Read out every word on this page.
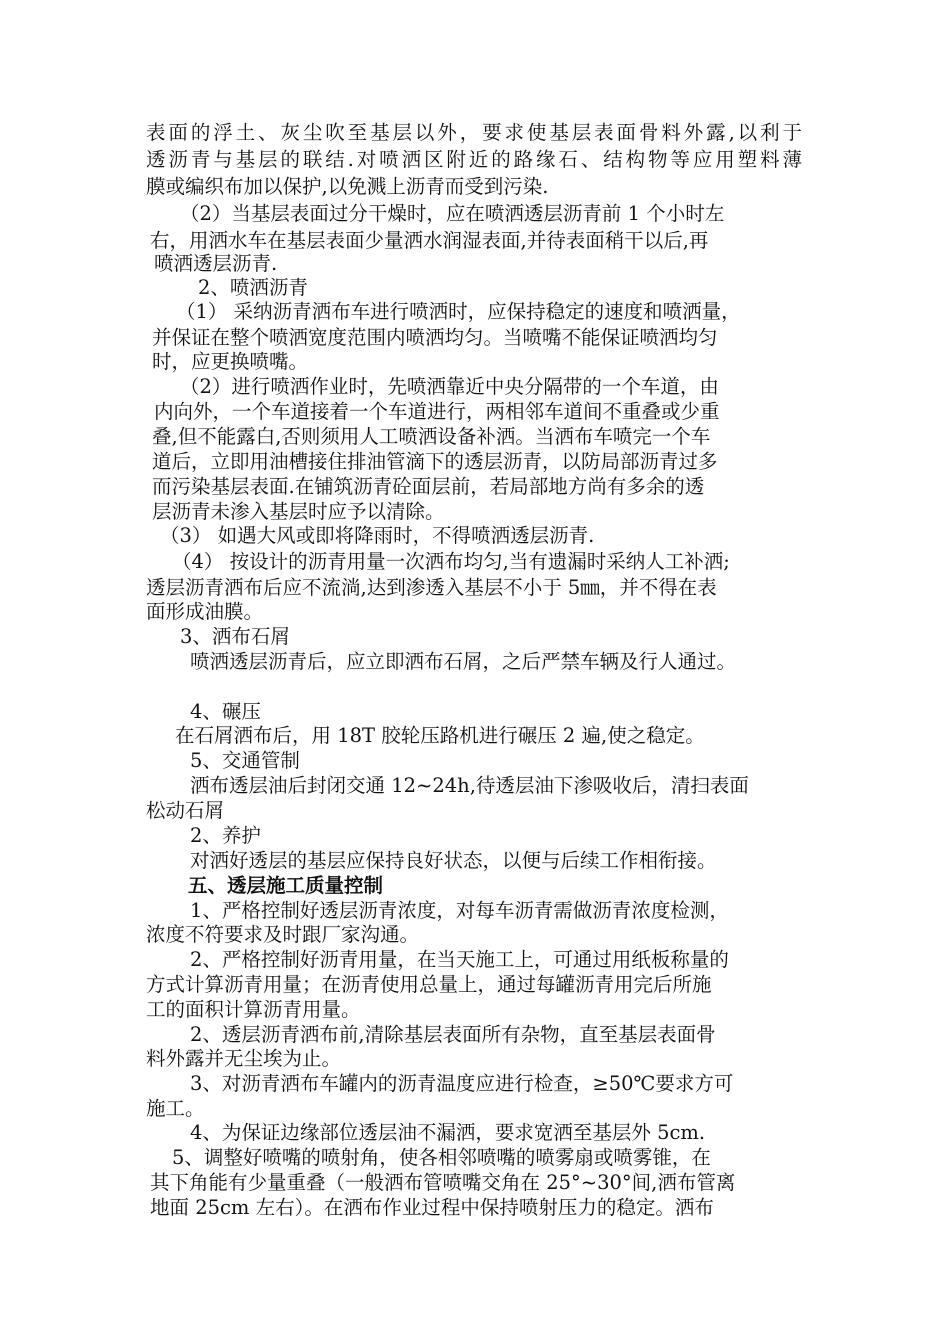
表面的浮土、灰尘吹至基层以外，要求使基层表面骨料外露,以利于
透沥青与基层的联结.对喷洒区附近的路缘石、结构物等应用塑料薄
膜或编织布加以保护,以免溅上沥青而受到污染.
（2）当基层表面过分干燥时，应在喷洒透层沥青前 1 个小时左
右，用洒水车在基层表面少量洒水润湿表面,并待表面稍干以后,再
喷洒透层沥青.
2、喷洒沥青
（1） 采纳沥青洒布车进行喷洒时，应保持稳定的速度和喷洒量，
并保证在整个喷洒宽度范围内喷洒均匀。当喷嘴不能保证喷洒均匀
时，应更换喷嘴。
（2）进行喷洒作业时，先喷洒靠近中央分隔带的一个车道，由
内向外，一个车道接着一个车道进行，两相邻车道间不重叠或少重
叠,但不能露白,否则须用人工喷洒设备补洒。当洒布车喷完一个车
道后，立即用油槽接住排油管滴下的透层沥青，以防局部沥青过多
而污染基层表面.在铺筑沥青砼面层前，若局部地方尚有多余的透
层沥青未渗入基层时应予以清除。
（3） 如遇大风或即将降雨时，不得喷洒透层沥青.
（4） 按设计的沥青用量一次洒布均匀,当有遗漏时采纳人工补洒;
透层沥青洒布后应不流淌,达到渗透入基层不小于 5㎜，并不得在表
面形成油膜。
3、洒布石屑
喷洒透层沥青后，应立即洒布石屑，之后严禁车辆及行人通过。
4、碾压
在石屑洒布后，用 18T 胶轮压路机进行碾压 2 遍,使之稳定。
5、交通管制
洒布透层油后封闭交通 12~24h,待透层油下渗吸收后，清扫表面
松动石屑
2、养护
对洒好透层的基层应保持良好状态，以便与后续工作相衔接。
五、透层施工质量控制
1、严格控制好透层沥青浓度，对每车沥青需做沥青浓度检测，
浓度不符要求及时跟厂家沟通。
2、严格控制好沥青用量，在当天施工上，可通过用纸板称量的
方式计算沥青用量；在沥青使用总量上，通过每罐沥青用完后所施
工的面积计算沥青用量。
2、透层沥青洒布前,清除基层表面所有杂物，直至基层表面骨
料外露并无尘埃为止。
3、对沥青洒布车罐内的沥青温度应进行检查，≥50℃要求方可
施工。
4、为保证边缘部位透层油不漏洒，要求宽洒至基层外 5cm.
5、调整好喷嘴的喷射角，使各相邻喷嘴的喷雾扇或喷雾锥，在
其下角能有少量重叠（一般洒布管喷嘴交角在 25°~30°间,洒布管离
地面 25cm 左右）。在洒布作业过程中保持喷射压力的稳定。洒布
